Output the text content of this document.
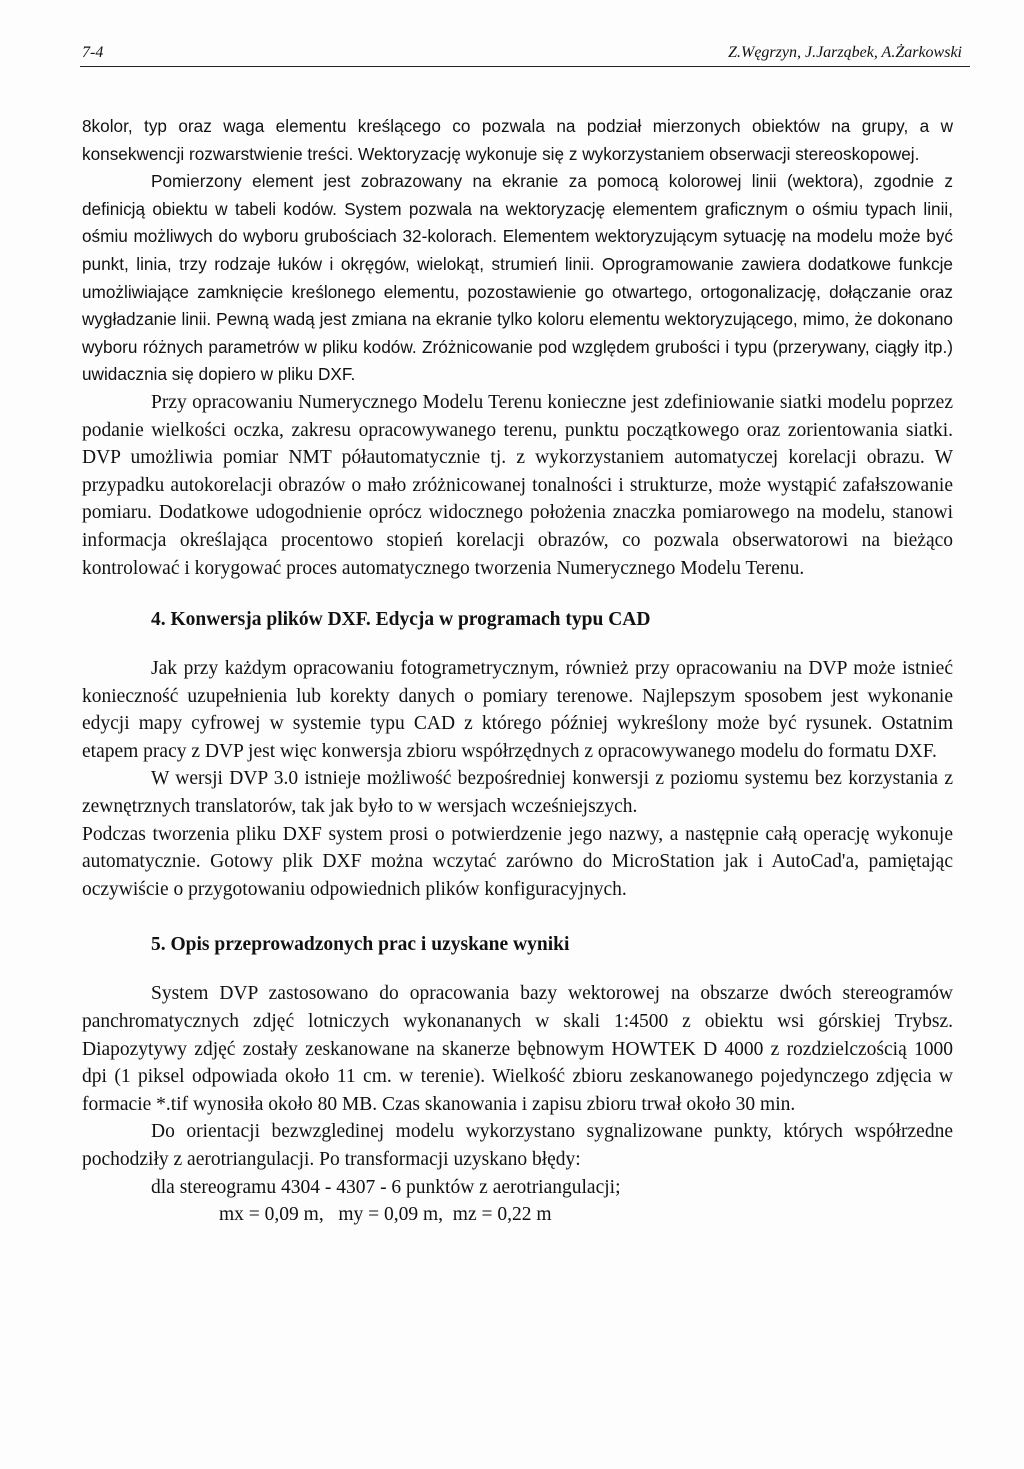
7-4	Z.Węgrzyn, J.Jarząbek, A.Żarkowski

8kolor, typ oraz waga elementu kreślącego co pozwala na podział mierzonych obiektów na grupy, a w konsekwencji rozwarstwienie treści. Wektoryzację wykonuje się z wykorzystaniem obserwacji stereoskopowej.

Pomierzony element jest zobrazowany na ekranie za pomocą kolorowej linii (wektora), zgodnie z definicją obiektu w tabeli kodów. System pozwala na wektoryzację elementem graficznym o ośmiu typach linii, ośmiu możliwych do wyboru grubościach 32-kolorach. Elementem wektoryzującym sytuację na modelu może być punkt, linia, trzy rodzaje łuków i okręgów, wielokąt, strumień linii. Oprogramowanie zawiera dodatkowe funkcje umożliwiające zamknięcie kreślonego elementu, pozostawienie go otwartego, ortogonalizację, dołączanie oraz wygładzanie linii. Pewną wadą jest zmiana na ekranie tylko koloru elementu wektoryzującego, mimo, że dokonano wyboru różnych parametrów w pliku kodów. Zróżnicowanie pod względem grubości i typu (przerywany, ciągły itp.) uwidacznia się dopiero w pliku DXF.

Przy opracowaniu Numerycznego Modelu Terenu konieczne jest zdefiniowanie siatki modelu poprzez podanie wielkości oczka, zakresu opracowywanego terenu, punktu początkowego oraz zorientowania siatki. DVP umożliwia pomiar NMT półautomatycznie tj. z wykorzystaniem automatyczej korelacji obrazu. W przypadku autokorelacji obrazów o mało zróżnicowanej tonalności i strukturze, może wystąpić zafałszowanie pomiaru. Dodatkowe udogodnienie oprócz widocznego położenia znaczka pomiarowego na modelu, stanowi informacja określająca procentowo stopień korelacji obrazów, co pozwala obserwatorowi na bieżąco kontrolować i korygować proces automatycznego tworzenia Numerycznego Modelu Terenu.

4. Konwersja plików DXF. Edycja w programach typu CAD

Jak przy każdym opracowaniu fotogrametrycznym, również przy opracowaniu na DVP może istnieć konieczność uzupełnienia lub korekty danych o pomiary terenowe. Najlepszym sposobem jest wykonanie edycji mapy cyfrowej w systemie typu CAD z którego później wykreślony może być rysunek. Ostatnim etapem pracy z DVP jest więc konwersja zbioru współrzędnych z opracowywanego modelu do formatu DXF.

W wersji DVP 3.0 istnieje możliwość bezpośredniej konwersji z poziomu systemu bez korzystania z zewnętrznych translatorów, tak jak było to w wersjach wcześniejszych.

Podczas tworzenia pliku DXF system prosi o potwierdzenie jego nazwy, a następnie całą operację wykonuje automatycznie. Gotowy plik DXF można wczytać zarówno do MicroStation jak i AutoCad'a, pamiętając oczywiście o przygotowaniu odpowiednich plików konfiguracyjnych.

5. Opis przeprowadzonych prac i uzyskane wyniki

System DVP zastosowano do opracowania bazy wektorowej na obszarze dwóch stereogramów panchromatycznych zdjęć lotniczych wykonananych w skali 1:4500 z obiektu wsi górskiej Trybsz. Diapozytywy zdjęć zostały zeskanowane na skanerze bębnowym HOWTEK D 4000 z rozdzielczością 1000 dpi (1 piksel odpowiada około 11 cm. w terenie). Wielkość zbioru zeskanowanego pojedynczego zdjęcia w formacie *.tif wynosiła około 80 MB. Czas skanowania i zapisu zbioru trwał około 30 min.

Do orientacji bezwzgledinej modelu wykorzystano sygnalizowane punkty, których współrzedne pochodziły z aerotriangulacji. Po transformacji uzyskano błędy:

dla stereogramu 4304 - 4307 - 6 punktów z aerotriangulacji;
mx = 0,09 m,   my = 0,09 m,  mz = 0,22 m
